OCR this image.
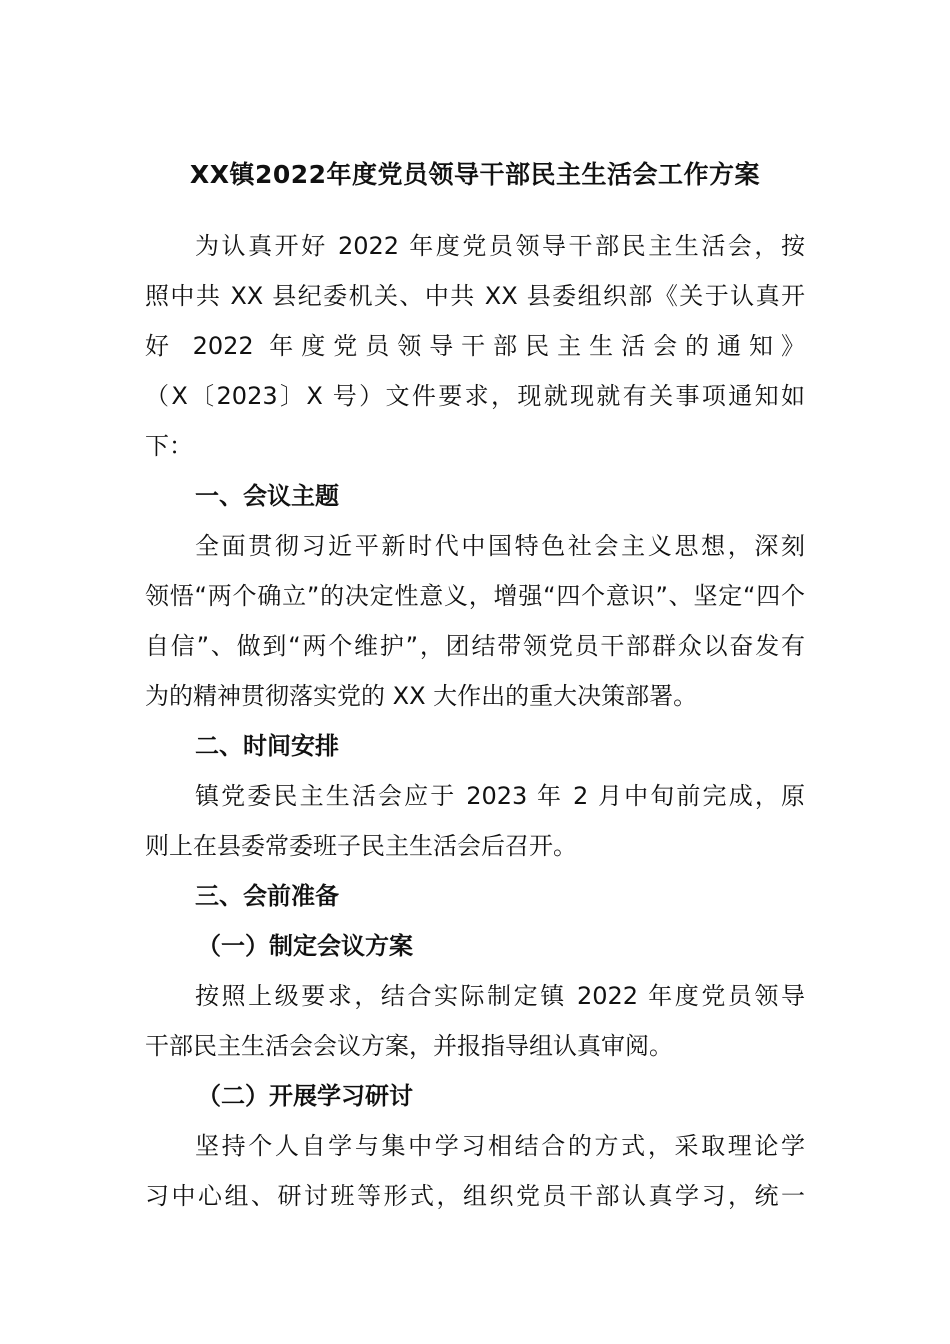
XX镇2022年度党员领导干部民主生活会工作方案

为认真开好 2022 年度党员领导干部民主生活会，按

照中共 XX 县纪委机关、中共 XX 县委组织部《关于认真开

好 2022 年度党员领导干部民主生活会的通知》

（X〔2023〕X 号）文件要求，现就现就有关事项通知如

下：

一、会议主题

全面贯彻习近平新时代中国特色社会主义思想，深刻

领悟“两个确立”的决定性意义，增强“四个意识”、坚定“四个

自信”、做到“两个维护”，团结带领党员干部群众以奋发有

为的精神贯彻落实党的 XX 大作出的重大决策部署。

二、时间安排

镇党委民主生活会应于 2023 年 2 月中旬前完成，原

则上在县委常委班子民主生活会后召开。

三、会前准备

（一）制定会议方案

按照上级要求，结合实际制定镇 2022 年度党员领导

干部民主生活会会议方案，并报指导组认真审阅。

（二）开展学习研讨

坚持个人自学与集中学习相结合的方式，采取理论学

习中心组、研讨班等形式，组织党员干部认真学习，统一
